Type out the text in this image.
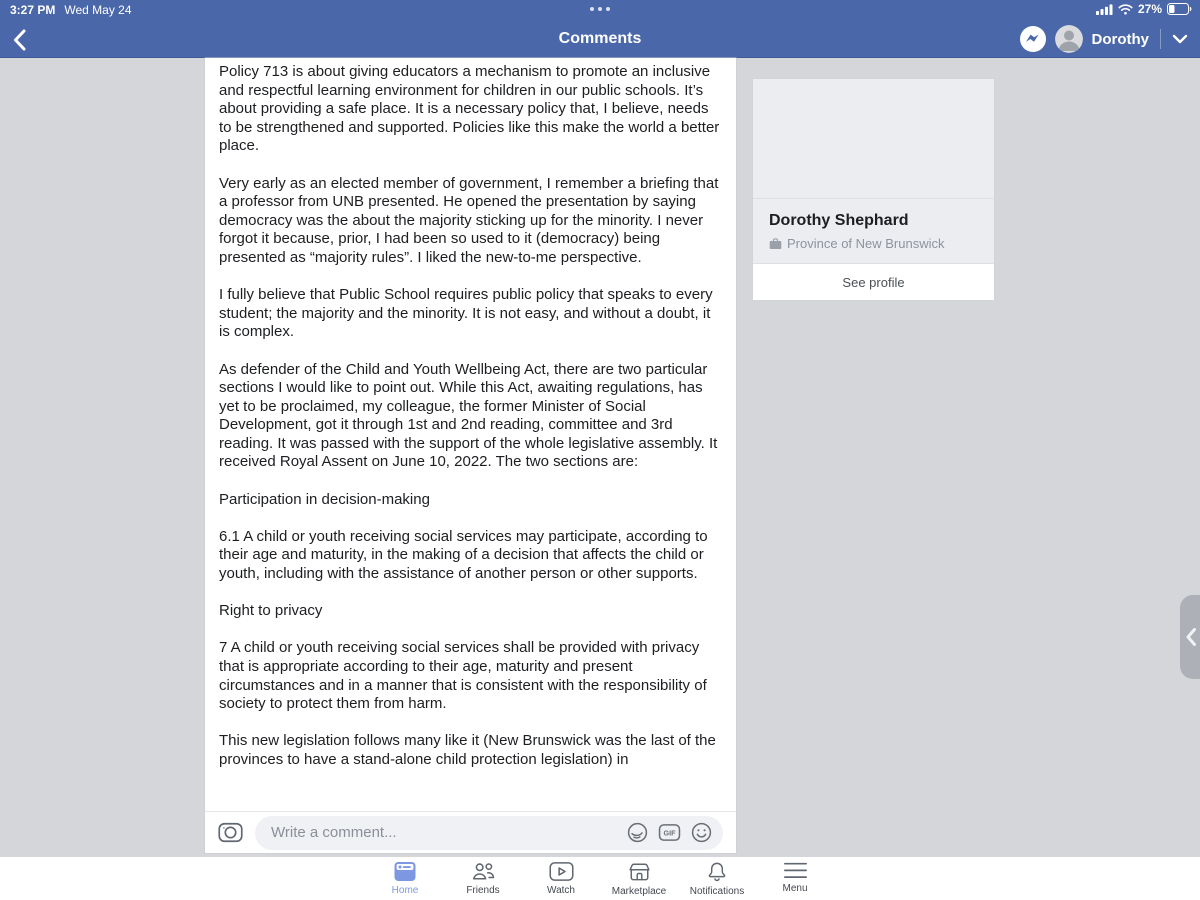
3:27 PM Wed May 24	27%
Comments	Dorothy

Policy 713 is about giving educators a mechanism to promote an inclusive and respectful learning environment for children in our public schools. It’s about providing a safe place. It is a necessary policy that, I believe, needs to be strengthened and supported. Policies like this make the world a better place.

Very early as an elected member of government, I remember a briefing that a professor from UNB presented. He opened the presentation by saying democracy was the about the majority sticking up for the minority. I never forgot it because, prior, I had been so used to it (democracy) being presented as “majority rules”. I liked the new-to-me perspective.

I fully believe that Public School requires public policy that speaks to every student; the majority and the minority. It is not easy, and without a doubt, it is complex.

As defender of the Child and Youth Wellbeing Act, there are two particular sections I would like to point out. While this Act, awaiting regulations, has yet to be proclaimed, my colleague, the former Minister of Social Development, got it through 1st and 2nd reading, committee and 3rd reading. It was passed with the support of the whole legislative assembly. It received Royal Assent on June 10, 2022. The two sections are:

Participation in decision-making

6.1 A child or youth receiving social services may participate, according to their age and maturity, in the making of a decision that affects the child or youth, including with the assistance of another person or other supports.

Right to privacy

7 A child or youth receiving social services shall be provided with privacy that is appropriate according to their age, maturity and present circumstances and in a manner that is consistent with the responsibility of society to protect them from harm.

This new legislation follows many like it (New Brunswick was the last of the provinces to have a stand-alone child protection legislation) in

Write a comment...
GIF
Dorothy Shephard
Province of New Brunswick
See profile
Home	Friends	Watch	Marketplace Notifications	Menu
